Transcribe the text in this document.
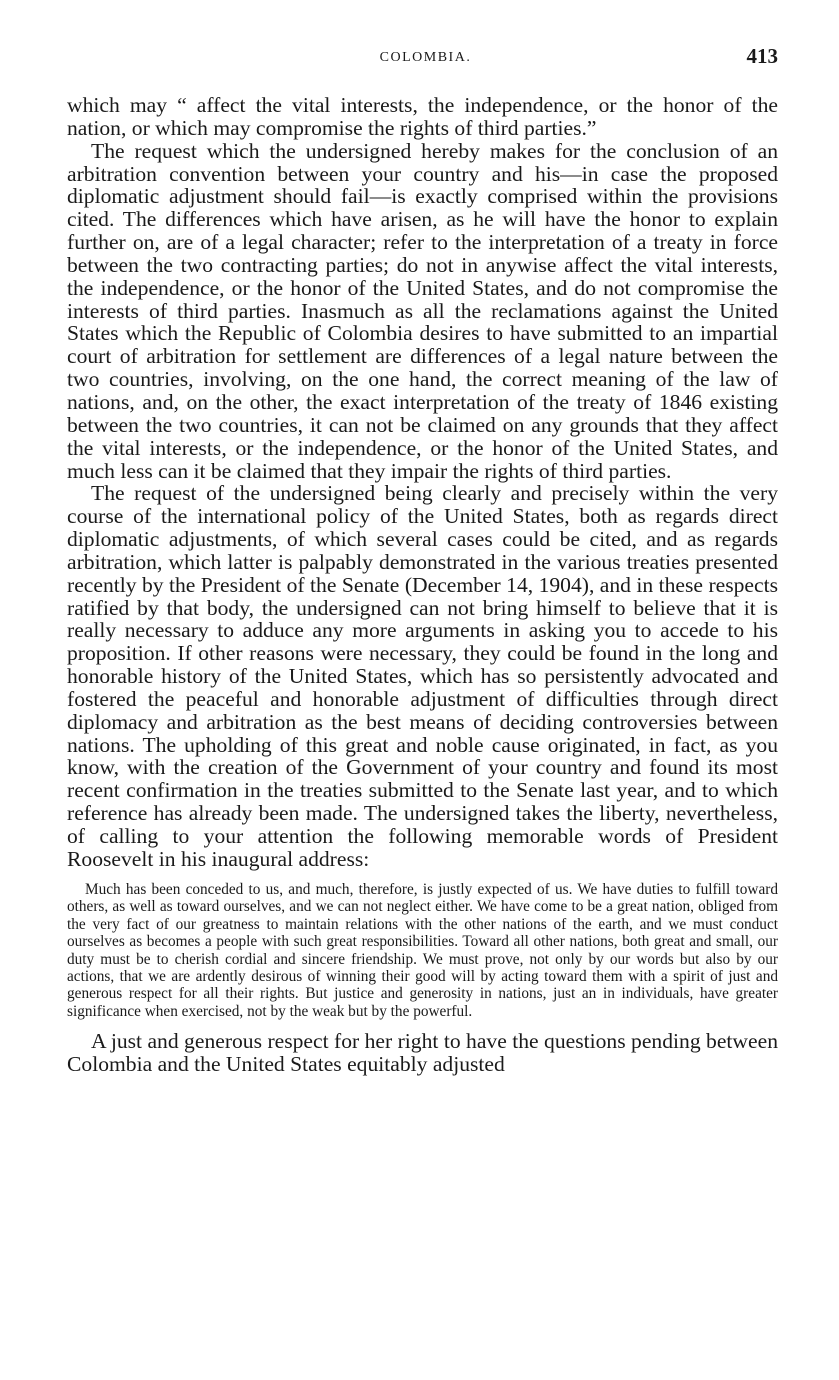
COLOMBIA.	413

which may “ affect the vital interests, the independence, or the honor of the nation, or which may compromise the rights of third parties.”

The request which the undersigned hereby makes for the conclusion of an arbitration convention between your country and his—in case the proposed diplomatic adjustment should fail—is exactly comprised within the provisions cited. The differences which have arisen, as he will have the honor to explain further on, are of a legal character; refer to the interpretation of a treaty in force between the two contracting parties; do not in anywise affect the vital interests, the independence, or the honor of the United States, and do not compromise the interests of third parties. Inasmuch as all the reclamations against the United States which the Republic of Colombia desires to have submitted to an impartial court of arbitration for settlement are differences of a legal nature between the two countries, involving, on the one hand, the correct meaning of the law of nations, and, on the other, the exact interpretation of the treaty of 1846 existing between the two countries, it can not be claimed on any grounds that they affect the vital interests, or the independence, or the honor of the United States, and much less can it be claimed that they impair the rights of third parties.

The request of the undersigned being clearly and precisely within the very course of the international policy of the United States, both as regards direct diplomatic adjustments, of which several cases could be cited, and as regards arbitration, which latter is palpably demonstrated in the various treaties presented recently by the President of the Senate (December 14, 1904), and in these respects ratified by that body, the undersigned can not bring himself to believe that it is really necessary to adduce any more arguments in asking you to accede to his proposition. If other reasons were necessary, they could be found in the long and honorable history of the United States, which has so persistently advocated and fostered the peaceful and honorable adjustment of difficulties through direct diplomacy and arbitration as the best means of deciding controversies between nations. The upholding of this great and noble cause originated, in fact, as you know, with the creation of the Government of your country and found its most recent confirmation in the treaties submitted to the Senate last year, and to which reference has already been made. The undersigned takes the liberty, nevertheless, of calling to your attention the following memorable words of President Roosevelt in his inaugural address:

Much has been conceded to us, and much, therefore, is justly expected of us. We have duties to fulfill toward others, as well as toward ourselves, and we can not neglect either. We have come to be a great nation, obliged from the very fact of our greatness to maintain relations with the other nations of the earth, and we must conduct ourselves as becomes a people with such great responsibilities. Toward all other nations, both great and small, our duty must be to cherish cordial and sincere friendship. We must prove, not only by our words but also by our actions, that we are ardently desirous of winning their good will by acting toward them with a spirit of just and generous respect for all their rights. But justice and generosity in nations, just an in individuals, have greater significance when exercised, not by the weak but by the powerful.

A just and generous respect for her right to have the questions pending between Colombia and the United States equitably adjusted
